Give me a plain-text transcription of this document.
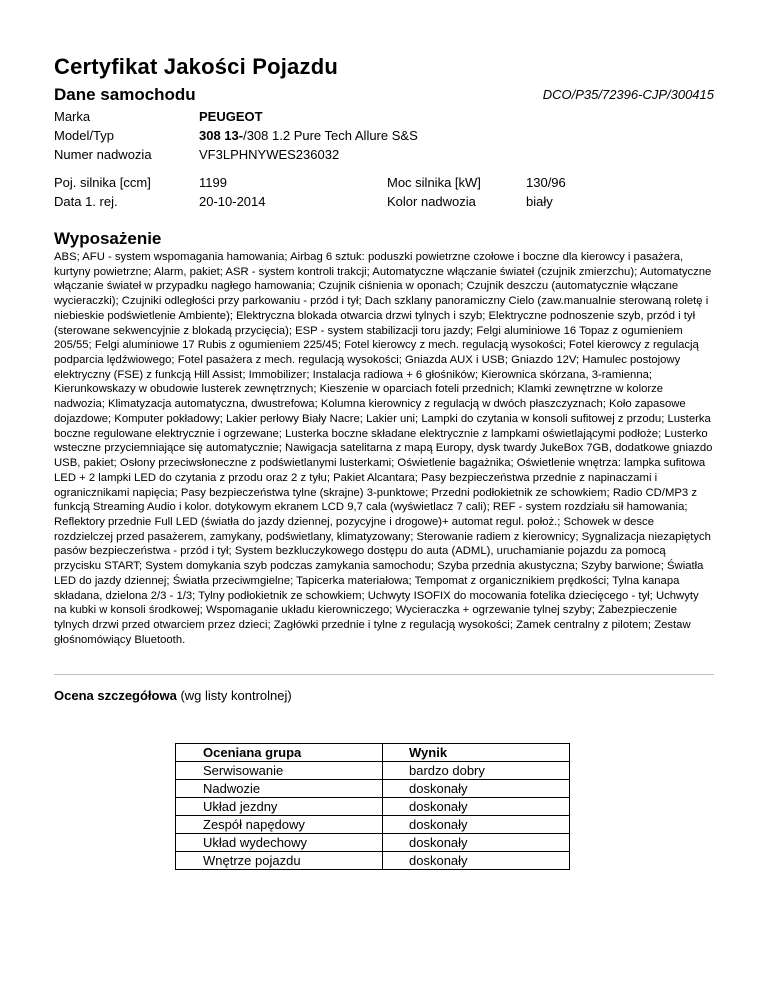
Certyfikat Jakości Pojazdu
Dane samochodu	DCO/P35/72396-CJP/300415
Marka	PEUGEOT
Model/Typ	308 13-/308 1.2 Pure Tech Allure S&S
Numer nadwozia	VF3LPHNYWES236032
Poj. silnika [ccm]	1199	Moc silnika [kW]	130/96
Data 1. rej.	20-10-2014	Kolor nadwozia	biały
Wyposażenie
ABS; AFU - system wspomagania hamowania; Airbag 6 sztuk: poduszki powietrzne czołowe i boczne dla kierowcy i pasażera, kurtyny powietrzne; Alarm, pakiet; ASR - system kontroli trakcji; Automatyczne włączanie świateł (czujnik zmierzchu); Automatyczne włączanie świateł w przypadku nagłego hamowania; Czujnik ciśnienia w oponach; Czujnik deszczu (automatycznie włączane wycieraczki); Czujniki odległości przy parkowaniu - przód i tył; Dach szklany panoramiczny Cielo (zaw.manualnie sterowaną roletę i niebieskie podświetlenie Ambiente); Elektryczna blokada otwarcia drzwi tylnych i szyb; Elektryczne podnoszenie szyb, przód i tył (sterowane sekwencyjnie z blokadą przycięcia); ESP - system stabilizacji toru jazdy; Felgi aluminiowe 16 Topaz z ogumieniem 205/55; Felgi aluminiowe 17 Rubis z ogumieniem 225/45; Fotel kierowcy z mech. regulacją wysokości; Fotel kierowcy z regulacją podparcia lędźwiowego; Fotel pasażera z mech. regulacją wysokości; Gniazda AUX i USB; Gniazdo 12V; Hamulec postojowy elektryczny (FSE) z funkcją Hill Assist; Immobilizer; Instalacja radiowa + 6 głośników; Kierownica skórzana, 3-ramienna; Kierunkowskazy w obudowie lusterek zewnętrznych; Kieszenie w oparciach foteli przednich; Klamki zewnętrzne w kolorze nadwozia; Klimatyzacja automatyczna, dwustrefowa; Kolumna kierownicy z regulacją w dwóch płaszczyznach; Koło zapasowe dojazdowe; Komputer pokładowy; Lakier perłowy Biały Nacre; Lakier uni; Lampki do czytania w konsoli sufitowej z przodu; Lusterka boczne regulowane elektrycznie i ogrzewane; Lusterka boczne składane elektrycznie z lampkami oświetlającymi podłoże; Lusterko wsteczne przyciemniające się automatycznie; Nawigacja satelitarna z mapą Europy, dysk twardy JukeBox 7GB, dodatkowe gniazdo USB, pakiet; Osłony przeciwsłoneczne z podświetlanymi lusterkami; Oświetlenie bagażnika; Oświetlenie wnętrza: lampka sufitowa LED + 2 lampki LED do czytania z przodu oraz 2 z tyłu; Pakiet Alcantara; Pasy bezpieczeństwa przednie z napinaczami i ogranicznikami napięcia; Pasy bezpieczeństwa tylne (skrajne) 3-punktowe; Przedni podłokietnik ze schowkiem; Radio CD/MP3 z funkcją Streaming Audio i kolor. dotykowym ekranem LCD 9,7 cala (wyświetlacz 7 cali); REF - system rozdziału sił hamowania; Reflektory przednie Full LED (światła do jazdy dziennej, pozycyjne i drogowe)+ automat regul. położ.; Schowek w desce rozdzielczej przed pasażerem, zamykany, podświetlany, klimatyzowany; Sterowanie radiem z kierownicy; Sygnalizacja niezapiętych pasów bezpieczeństwa - przód i tył; System bezkluczykowego dostępu do auta (ADML), uruchamianie pojazdu za pomocą przycisku START; System domykania szyb podczas zamykania samochodu; Szyba przednia akustyczna; Szyby barwione; Światła LED do jazdy dziennej; Światła przeciwmgielne; Tapicerka materiałowa; Tempomat z organicznikiem prędkości; Tylna kanapa składana, dzielona 2/3 - 1/3; Tylny podłokietnik ze schowkiem; Uchwyty ISOFIX do mocowania fotelika dziecięcego - tył; Uchwyty na kubki w konsoli środkowej; Wspomaganie układu kierowniczego; Wycieraczka + ogrzewanie tylnej szyby; Zabezpieczenie tylnych drzwi przed otwarciem przez dzieci; Zagłówki przednie i tylne z regulacją wysokości; Zamek centralny z pilotem; Zestaw głośnomówiący Bluetooth.
Ocena szczegółowa (wg listy kontrolnej)
Oceniana grupa	Wynik
Serwisowanie	bardzo dobry
Nadwozie	doskonały
Układ jezdny	doskonały
Zespół napędowy	doskonały
Układ wydechowy	doskonały
Wnętrze pojazdu	doskonały
